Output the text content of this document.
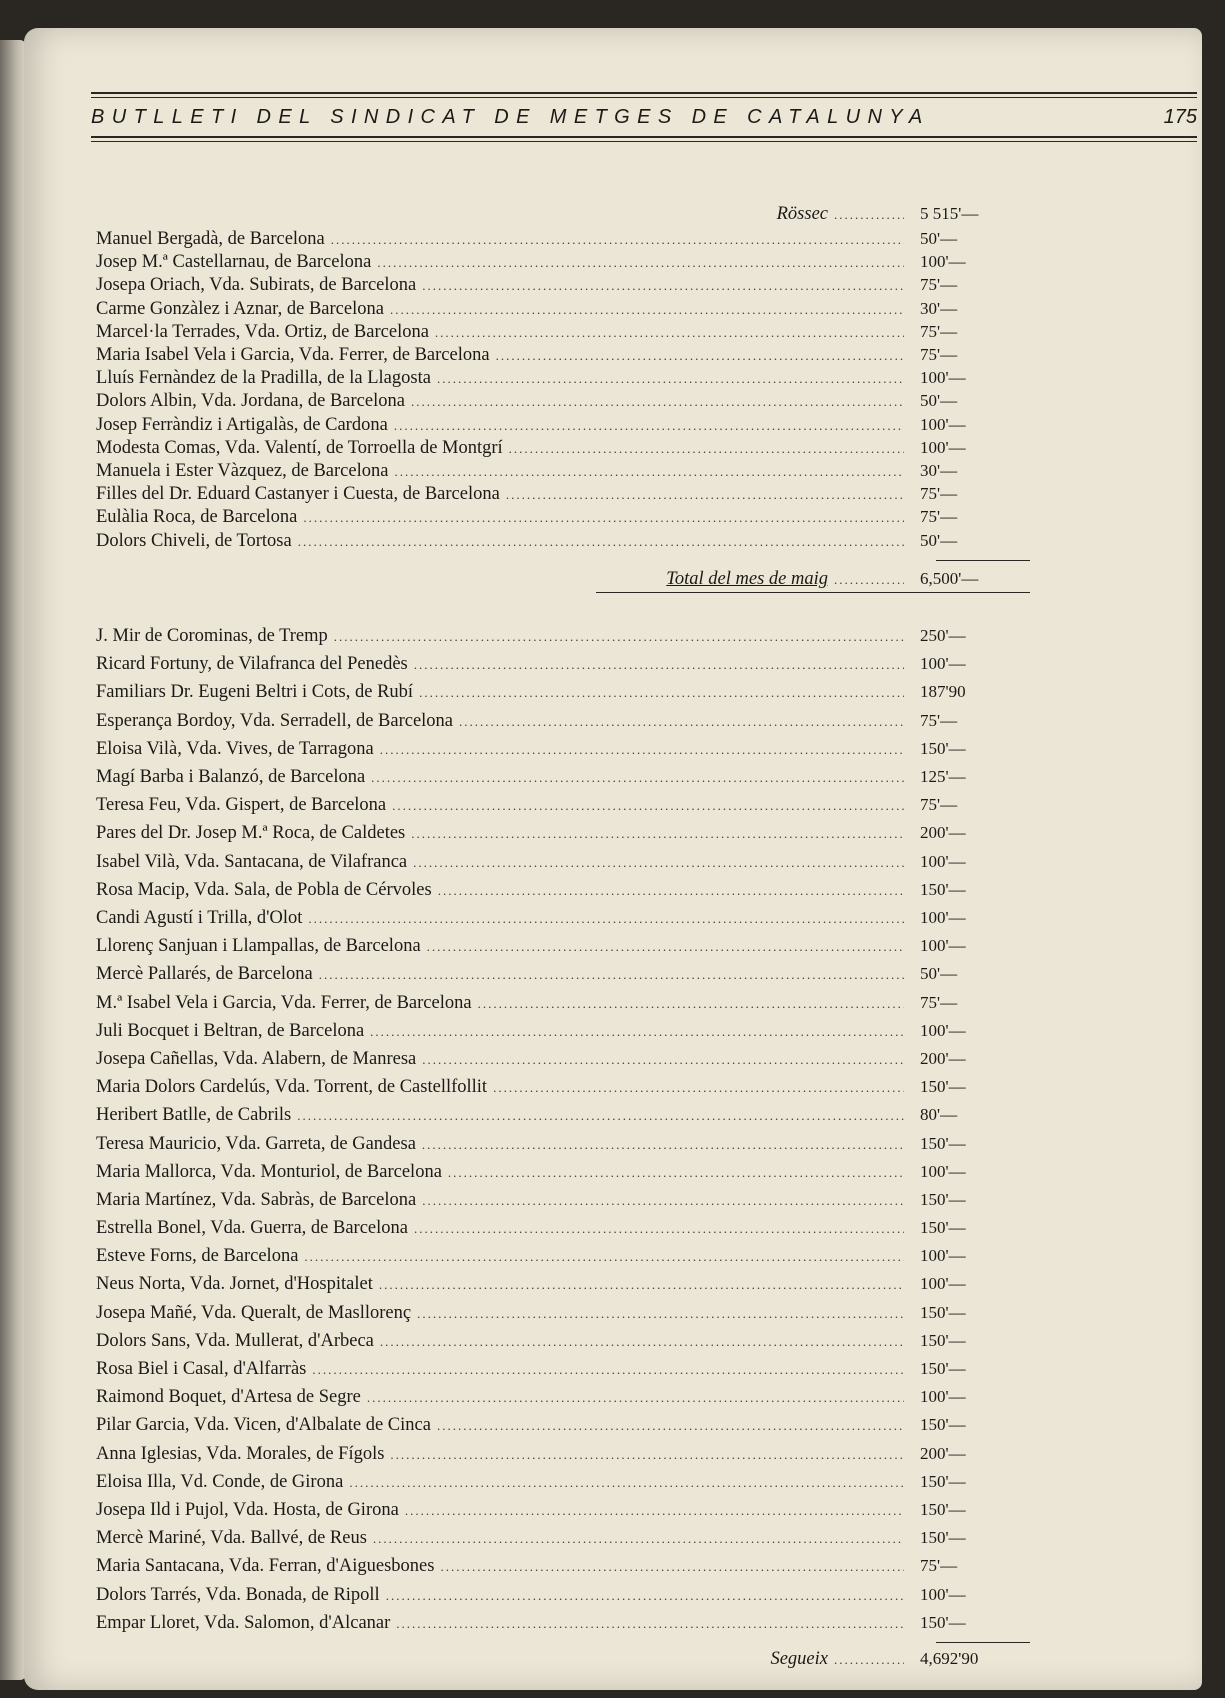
BUTLLETI DEL SINDICAT DE METGES DE CATALUNYA	175
Rössec .....	5 515'—
Manuel Bergadà, de Barcelona .....	50'—
Josep M.ª Castellarnau, de Barcelona .....	100'—
Josepa Oriach, Vda. Subirats, de Barcelona .....	75'—
Carme Gonzàlez i Aznar, de Barcelona .....	30'—
Marcel·la Terrades, Vda. Ortiz, de Barcelona .....	75'—
Maria Isabel Vela i Garcia, Vda. Ferrer, de Barcelona .....	75'—
Lluís Fernàndez de la Pradilla, de la Llagosta .....	100'—
Dolors Albin, Vda. Jordana, de Barcelona .....	50'—
Josep Ferràndiz i Artigalàs, de Cardona .....	100'—
Modesta Comas, Vda. Valentí, de Torroella de Montgrí .....	100'—
Manuela i Ester Vàzquez, de Barcelona .....	30'—
Filles del Dr. Eduard Castanyer i Cuesta, de Barcelona .....	75'—
Eulàlia Roca, de Barcelona .....	75'—
Dolors Chiveli, de Tortosa .....	50'—
Total del mes de maig .....	6,500'—
J. Mir de Corominas, de Tremp .....	250'—
Ricard Fortuny, de Vilafranca del Penedès .....	100'—
Familiars Dr. Eugeni Beltri i Cots, de Rubí .....	187'90
Esperança Bordoy, Vda. Serradell, de Barcelona .....	75'—
Eloisa Vilà, Vda. Vives, de Tarragona .....	150'—
Magí Barba i Balanzó, de Barcelona .....	125'—
Teresa Feu, Vda. Gispert, de Barcelona .....	75'—
Pares del Dr. Josep M.ª Roca, de Caldetes .....	200'—
Isabel Vilà, Vda. Santacana, de Vilafranca .....	100'—
Rosa Macip, Vda. Sala, de Pobla de Cérvoles .....	150'—
Candi Agustí i Trilla, d'Olot .....	100'—
Llorenç Sanjuan i Llampallas, de Barcelona .....	100'—
Mercè Pallarés, de Barcelona .....	50'—
M.ª Isabel Vela i Garcia, Vda. Ferrer, de Barcelona .....	75'—
Juli Bocquet i Beltran, de Barcelona .....	100'—
Josepa Cañellas, Vda. Alabern, de Manresa .....	200'—
Maria Dolors Cardelús, Vda. Torrent, de Castellfollit .....	150'—
Heribert Batlle, de Cabrils .....	80'—
Teresa Mauricio, Vda. Garreta, de Gandesa .....	150'—
Maria Mallorca, Vda. Monturiol, de Barcelona .....	100'—
Maria Martínez, Vda. Sabràs, de Barcelona .....	150'—
Estrella Bonel, Vda. Guerra, de Barcelona .....	150'—
Esteve Forns, de Barcelona .....	100'—
Neus Norta, Vda. Jornet, d'Hospitalet .....	100'—
Josepa Mañé, Vda. Queralt, de Masllorenç .....	150'—
Dolors Sans, Vda. Mullerat, d'Arbeca .....	150'—
Rosa Biel i Casal, d'Alfarràs .....	150'—
Raimond Boquet, d'Artesa de Segre .....	100'—
Pilar Garcia, Vda. Vicen, d'Albalate de Cinca .....	150'—
Anna Iglesias, Vda. Morales, de Fígols .....	200'—
Eloisa Illa, Vd. Conde, de Girona .....	150'—
Josepa Ild i Pujol, Vda. Hosta, de Girona .....	150'—
Mercè Mariné, Vda. Ballvé, de Reus .....	150'—
Maria Santacana, Vda. Ferran, d'Aiguesbones .....	75'—
Dolors Tarrés, Vda. Bonada, de Ripoll .....	100'—
Empar Lloret, Vda. Salomon, d'Alcanar .....	150'—
Segueix .....	4,692'90
